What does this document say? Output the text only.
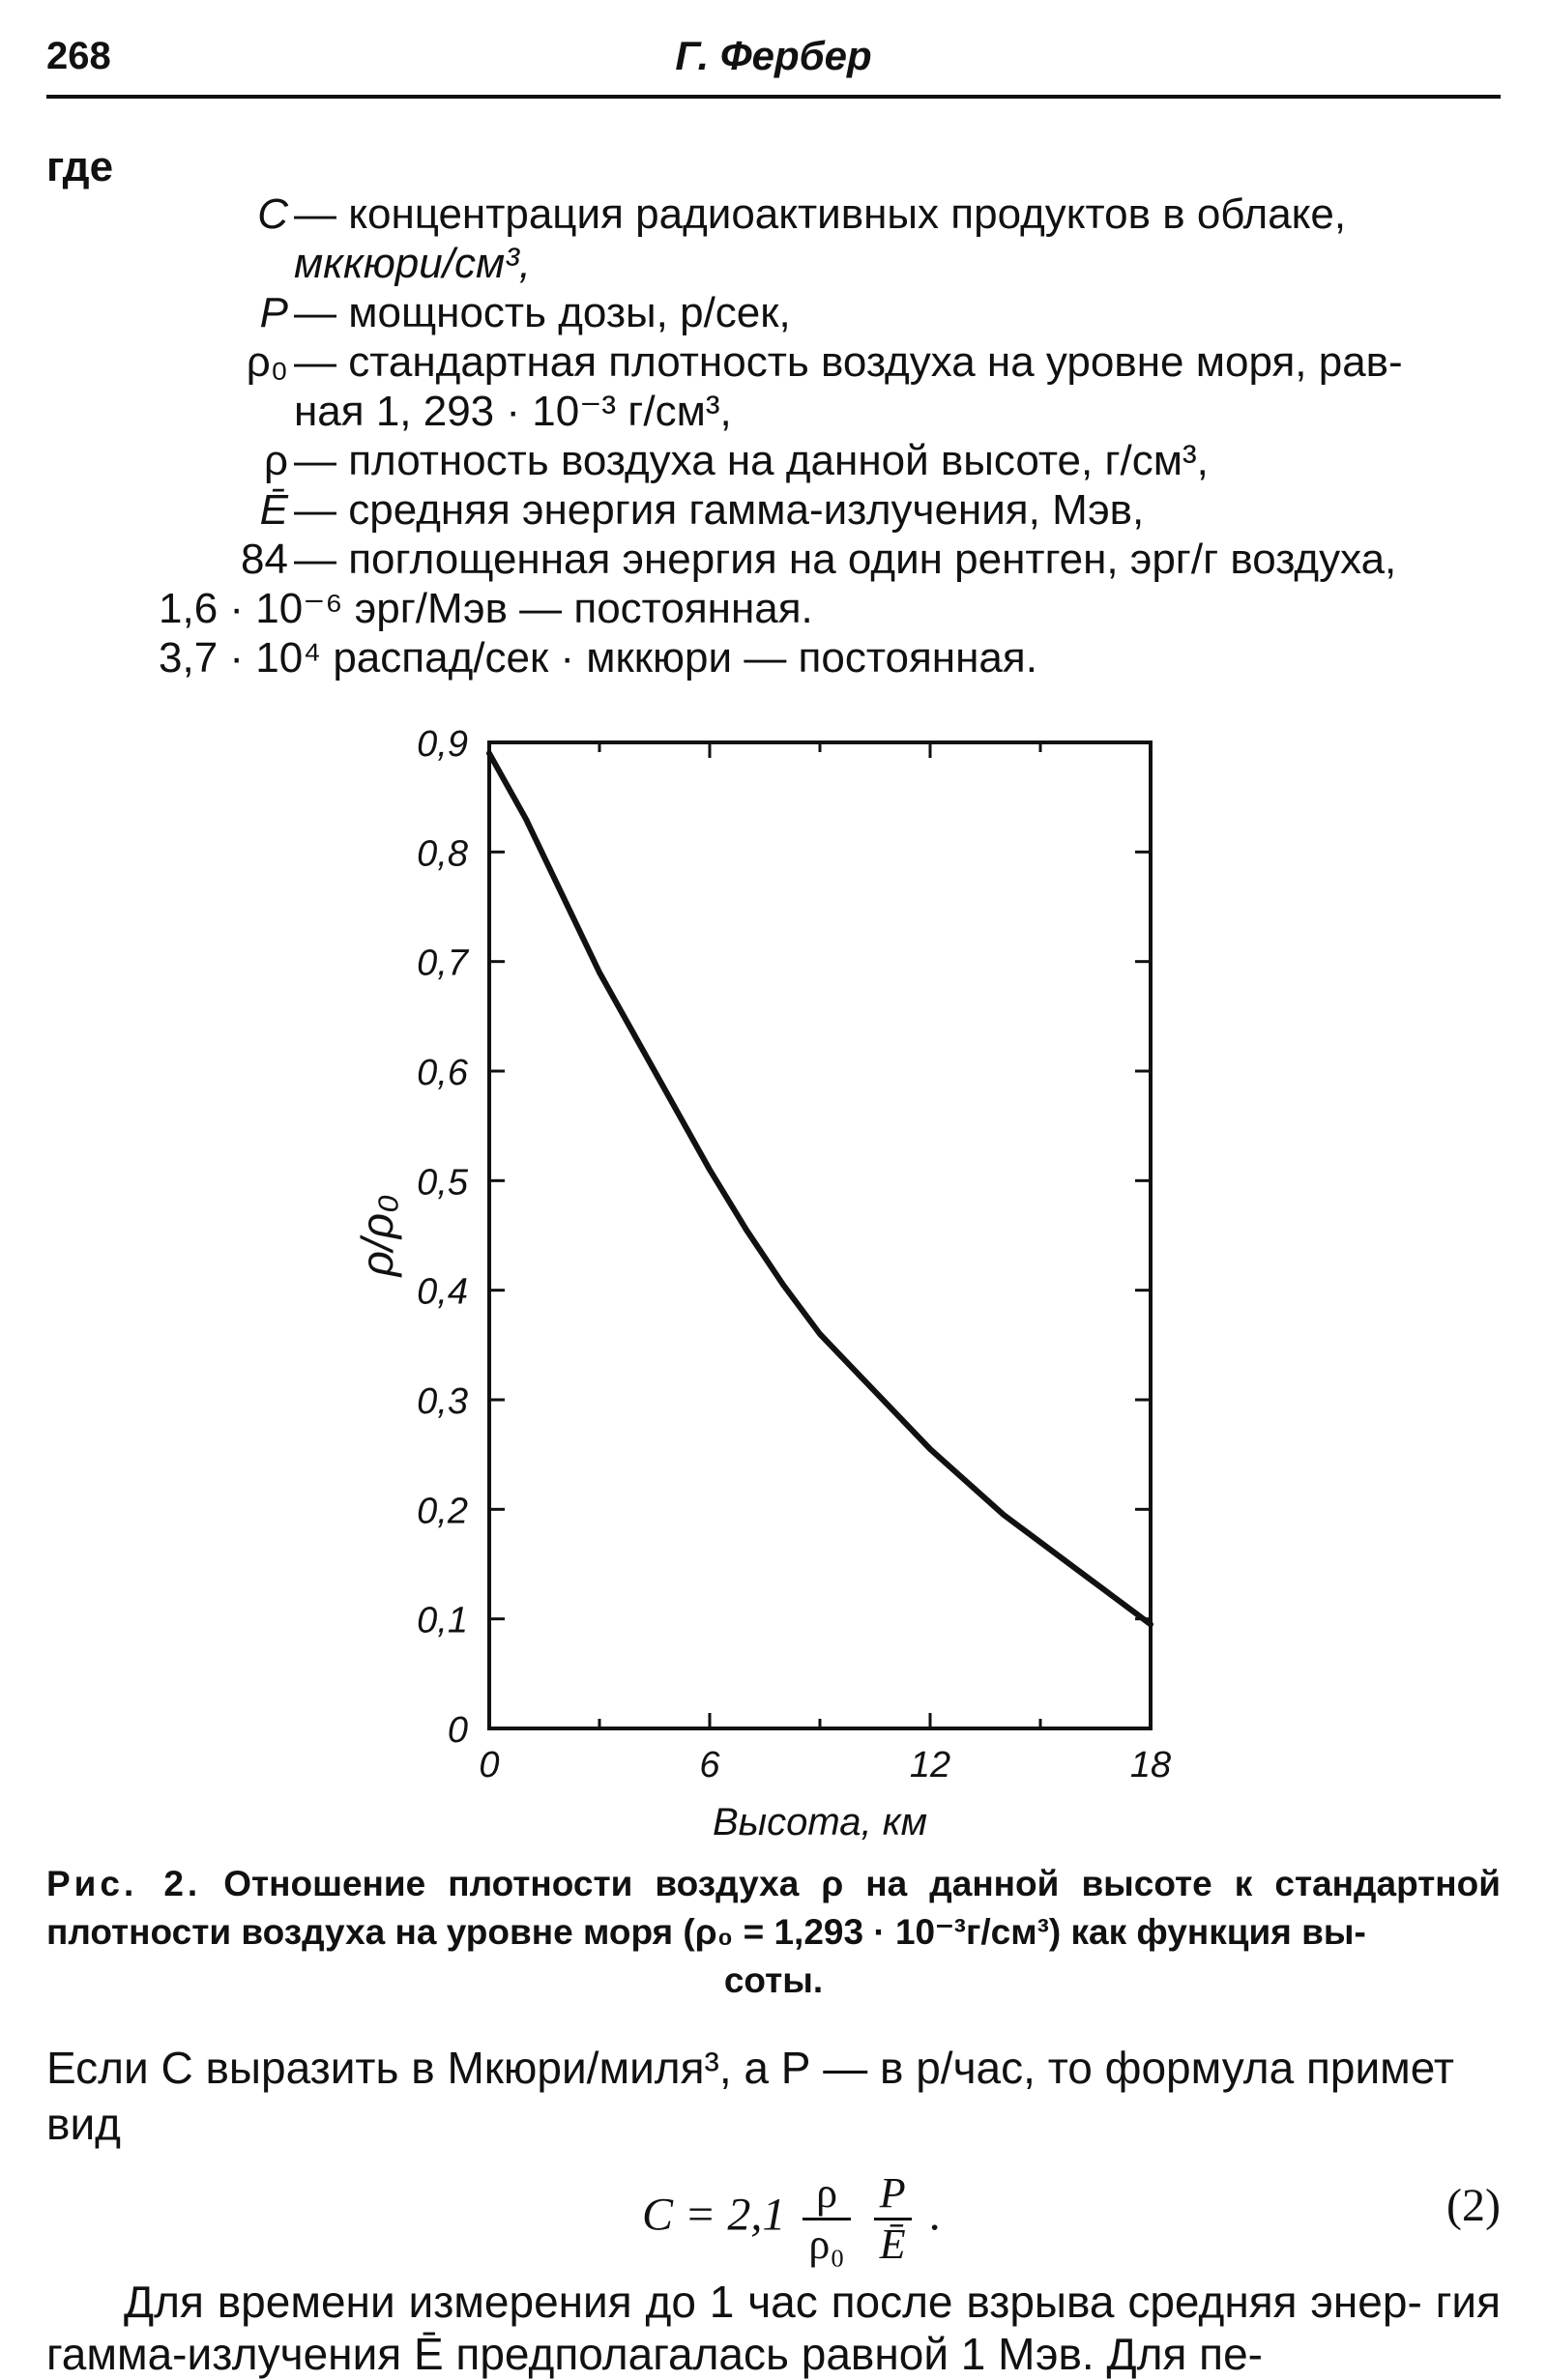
268	Г. Фербер
где
С — концентрация радиоактивных продуктов в облаке,
мккюри/см³,
Р — мощность дозы, р/сек,
ρ₀ — стандартная плотность воздуха на уровне моря, рав-
ная 1, 293 · 10⁻³ г/см³,
ρ — плотность воздуха на данной высоте, г/см³,
Ē — средняя энергия гамма-излучения, Мэв,
84 — поглощенная энергия на один рентген, эрг/г воздуха,
1,6 · 10⁻⁶ эрг/Мэв — постоянная.
3,7 · 10⁴ распад/сек · мккюри — постоянная.
0
0,1
0,2
0,3
0,4
0,5
0,6
0,7
0,8
0,9
0	6	12	18
Высота, км
ρ/ρ₀
Рис. 2. Отношение плотности воздуха ρ на данной высоте к стандартной плотности воздуха на уровне моря (ρ₀ = 1,293 · 10⁻³г/см³) как функция вы-
соты.
Если С выразить в Мкюри/миля³, а Р — в р/час, то формула примет вид
$С = 2,1 \frac{\rho}{\text{ρ₀}}$
$\frac{Р}{Ē}$ .	(2)
Для времени измерения до 1 час после взрыва средняя энер- гия гамма-излучения Ē предполагалась равной 1 Мэв. Для пе-
